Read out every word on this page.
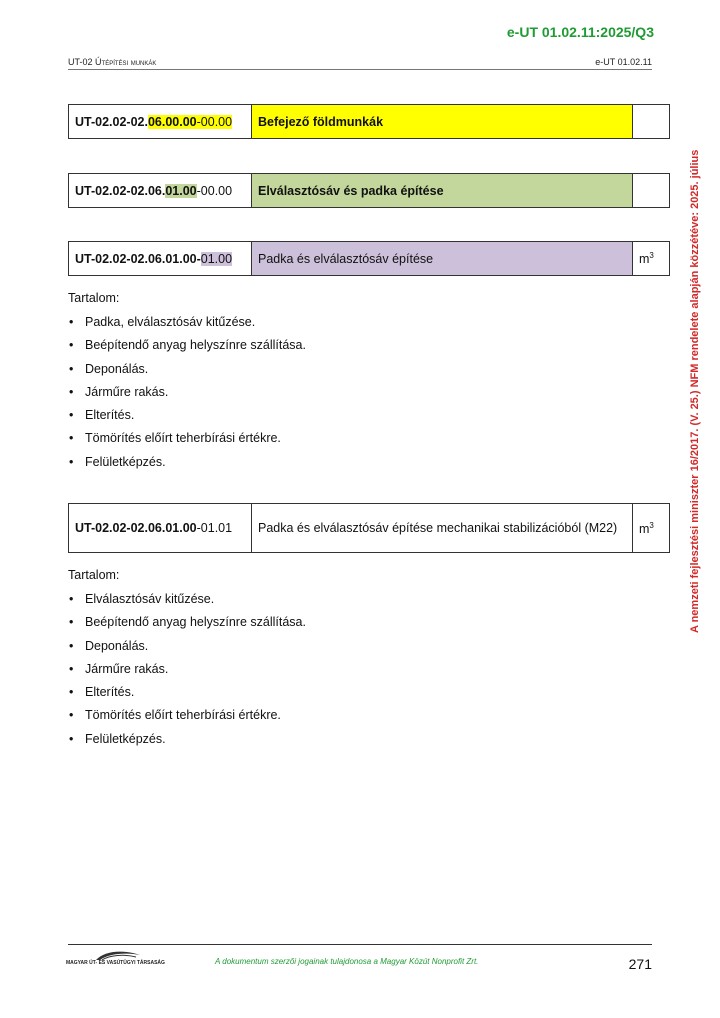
e-UT 01.02.11:2025/Q3
UT-02 Útépítési munkák	e-UT 01.02.11
A nemzeti fejlesztési miniszter 16/2017. (V. 25.) NFM rendelete alapján közzétéve: 2025. július
UT-02.02-02.06.00.00-00.00	Befejező földmunkák	
UT-02.02-02.06.01.00-00.00	Elválasztósáv és padka építése	
UT-02.02-02.06.01.00-01.00	Padka és elválasztósáv építése	$m^3$

Tartalom:

• Padka, elválasztósáv kitűzése.
• Beépítendő anyag helyszínre szállítása.
• Deponálás.
• Járműre rakás.
• Elterítés.
• Tömörítés előírt teherbírási értékre.
• Felületképzés.
UT-02.02-02.06.01.00-01.01	Padka és elválasztósáv építése mechanikai stabilizációból (M22)	$m^3$

Tartalom:

• Elválasztósáv kitűzése.
• Beépítendő anyag helyszínre szállítása.
• Deponálás.
• Járműre rakás.
• Elterítés.
• Tömörítés előírt teherbírási értékre.
• Felületképzés.
MAGYAR ÚT- ÉS VASÚTÜGYI TÁRSASÁG	A dokumentum szerzői jogainak tulajdonosa a Magyar Közút Nonprofit Zrt.	271
